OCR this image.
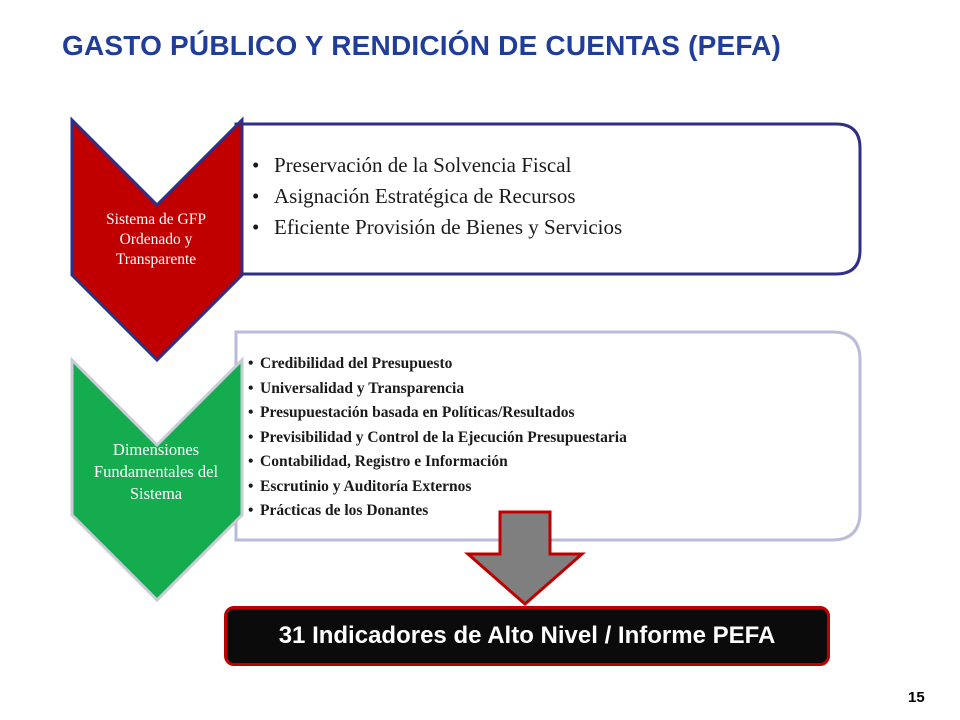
GASTO PÚBLICO Y RENDICIÓN DE CUENTAS (PEFA)
Sistema de GFP Ordenado y Transparente
Dimensiones Fundamentales del Sistema
• Preservación de la Solvencia Fiscal
• Asignación Estratégica de Recursos
• Eficiente Provisión de Bienes y Servicios
• Credibilidad del Presupuesto
• Universalidad y Transparencia
• Presupuestación basada en Políticas/Resultados
• Previsibilidad y Control de la Ejecución Presupuestaria
• Contabilidad, Registro e Información
• Escrutinio y Auditoría Externos
• Prácticas de los Donantes
31 Indicadores de Alto Nivel / Informe PEFA
15
